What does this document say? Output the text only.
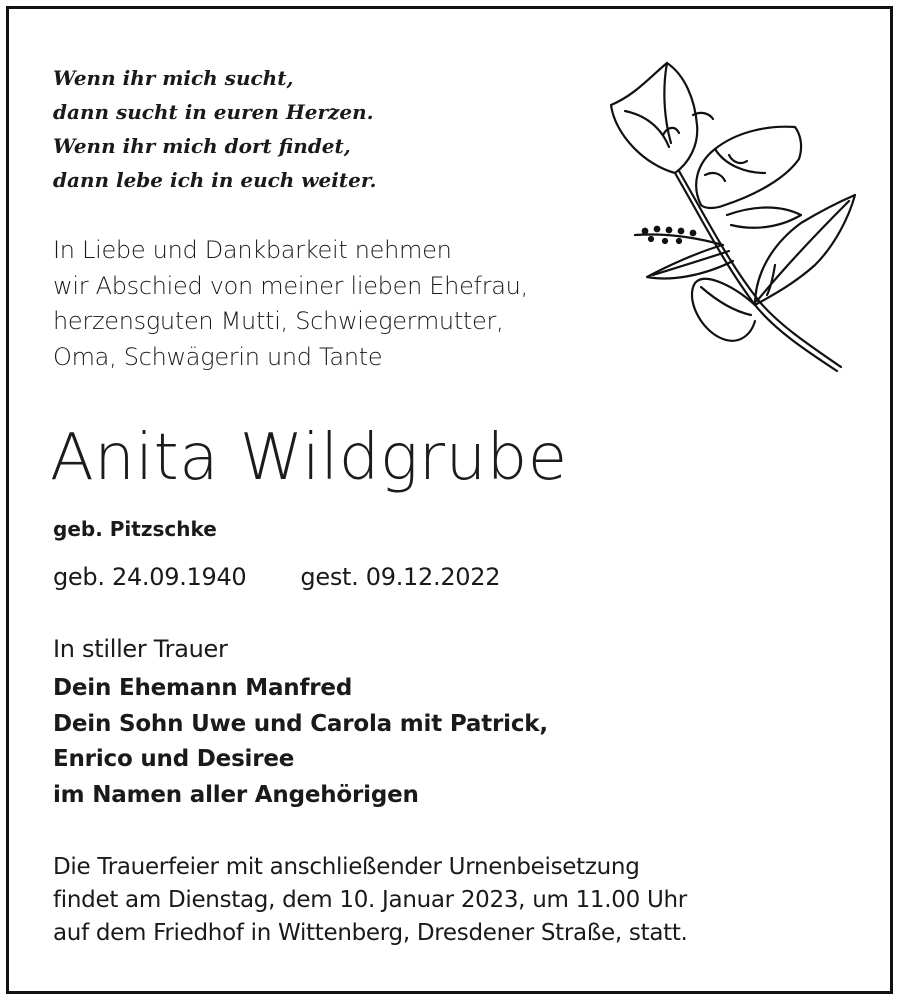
Wenn ihr mich sucht,
dann sucht in euren Herzen.
Wenn ihr mich dort findet,
dann lebe ich in euch weiter.
In Liebe und Dankbarkeit nehmen
wir Abschied von meiner lieben Ehefrau,
herzensguten Mutti, Schwiegermutter,
Oma, Schwägerin und Tante
Anita Wildgrube
geb. Pitzschke
geb. 24.09.1940 gest. 09.12.2022
In stiller Trauer
Dein Ehemann Manfred
Dein Sohn Uwe und Carola mit Patrick,
Enrico und Desiree
im Namen aller Angehörigen
Die Trauerfeier mit anschließender Urnenbeisetzung
findet am Dienstag, dem 10. Januar 2023, um 11.00 Uhr
auf dem Friedhof in Wittenberg, Dresdener Straße, statt.
